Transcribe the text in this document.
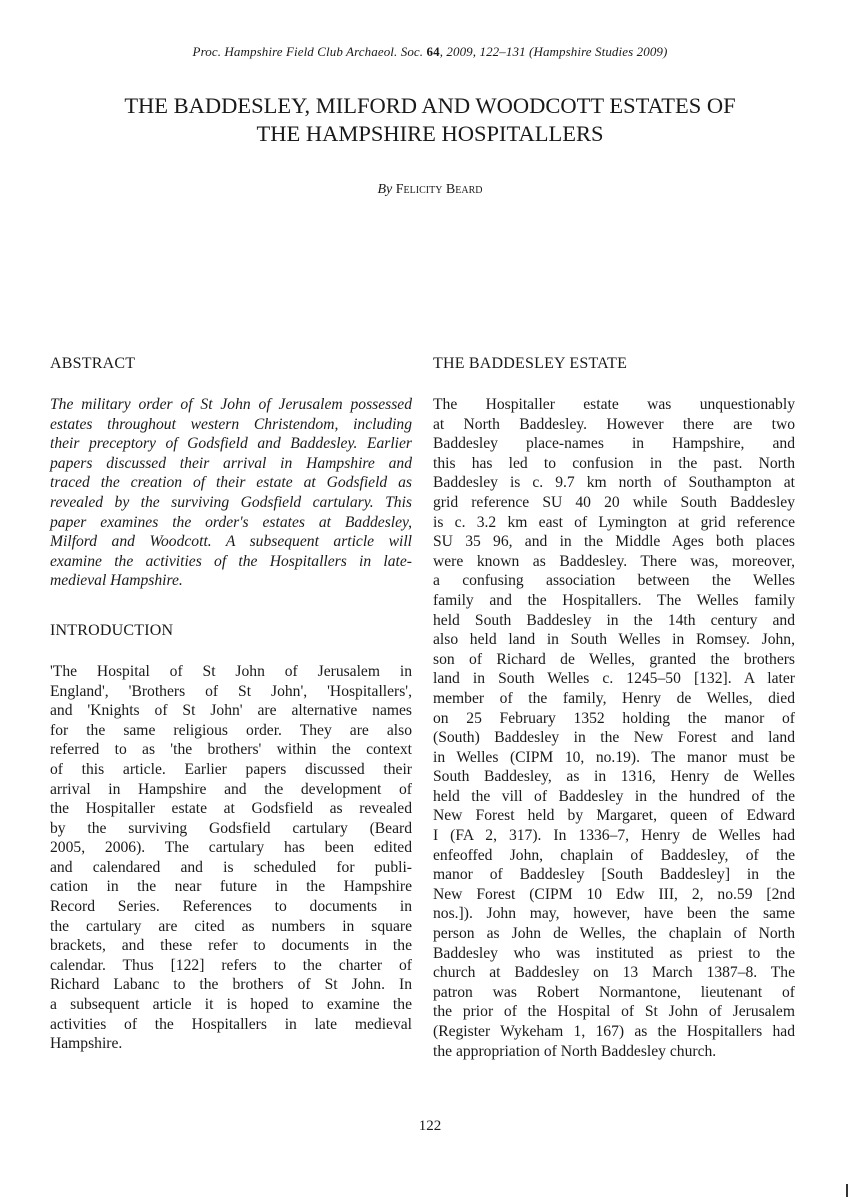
Proc. Hampshire Field Club Archaeol. Soc. 64, 2009, 122–131 (Hampshire Studies 2009)
THE BADDESLEY, MILFORD AND WOODCOTT ESTATES OF
THE HAMPSHIRE HOSPITALLERS
By Felicity Beard
ABSTRACT
The military order of St John of Jerusalem possessed
estates throughout western Christendom, including
their preceptory of Godsfield and Baddesley. Earlier
papers discussed their arrival in Hampshire and
traced the creation of their estate at Godsfield as
revealed by the surviving Godsfield cartulary. This
paper examines the order's estates at Baddesley,
Milford and Woodcott. A subsequent article will
examine the activities of the Hospitallers in late-
medieval Hampshire.
INTRODUCTION
'The Hospital of St John of Jerusalem in
England', 'Brothers of St John', 'Hospitallers',
and 'Knights of St John' are alternative names
for the same religious order. They are also
referred to as 'the brothers' within the context
of this article. Earlier papers discussed their
arrival in Hampshire and the development of
the Hospitaller estate at Godsfield as revealed
by the surviving Godsfield cartulary (Beard
2005, 2006). The cartulary has been edited
and calendared and is scheduled for publi-
cation in the near future in the Hampshire
Record Series. References to documents in
the cartulary are cited as numbers in square
brackets, and these refer to documents in the
calendar. Thus [122] refers to the charter of
Richard Labanc to the brothers of St John. In
a subsequent article it is hoped to examine the
activities of the Hospitallers in late medieval
Hampshire.
THE BADDESLEY ESTATE
The Hospitaller estate was unquestionably
at North Baddesley. However there are two
Baddesley place-names in Hampshire, and
this has led to confusion in the past. North
Baddesley is c. 9.7 km north of Southampton at
grid reference SU 40 20 while South Baddesley
is c. 3.2 km east of Lymington at grid reference
SU 35 96, and in the Middle Ages both places
were known as Baddesley. There was, moreover,
a confusing association between the Welles
family and the Hospitallers. The Welles family
held South Baddesley in the 14th century and
also held land in South Welles in Romsey. John,
son of Richard de Welles, granted the brothers
land in South Welles c. 1245–50 [132]. A later
member of the family, Henry de Welles, died
on 25 February 1352 holding the manor of
(South) Baddesley in the New Forest and land
in Welles (CIPM 10, no.19). The manor must be
South Baddesley, as in 1316, Henry de Welles
held the vill of Baddesley in the hundred of the
New Forest held by Margaret, queen of Edward
I (FA 2, 317). In 1336–7, Henry de Welles had
enfeoffed John, chaplain of Baddesley, of the
manor of Baddesley [South Baddesley] in the
New Forest (CIPM 10 Edw III, 2, no.59 [2nd
nos.]). John may, however, have been the same
person as John de Welles, the chaplain of North
Baddesley who was instituted as priest to the
church at Baddesley on 13 March 1387–8. The
patron was Robert Normantone, lieutenant of
the prior of the Hospital of St John of Jerusalem
(Register Wykeham 1, 167) as the Hospitallers had
the appropriation of North Baddesley church.
122
